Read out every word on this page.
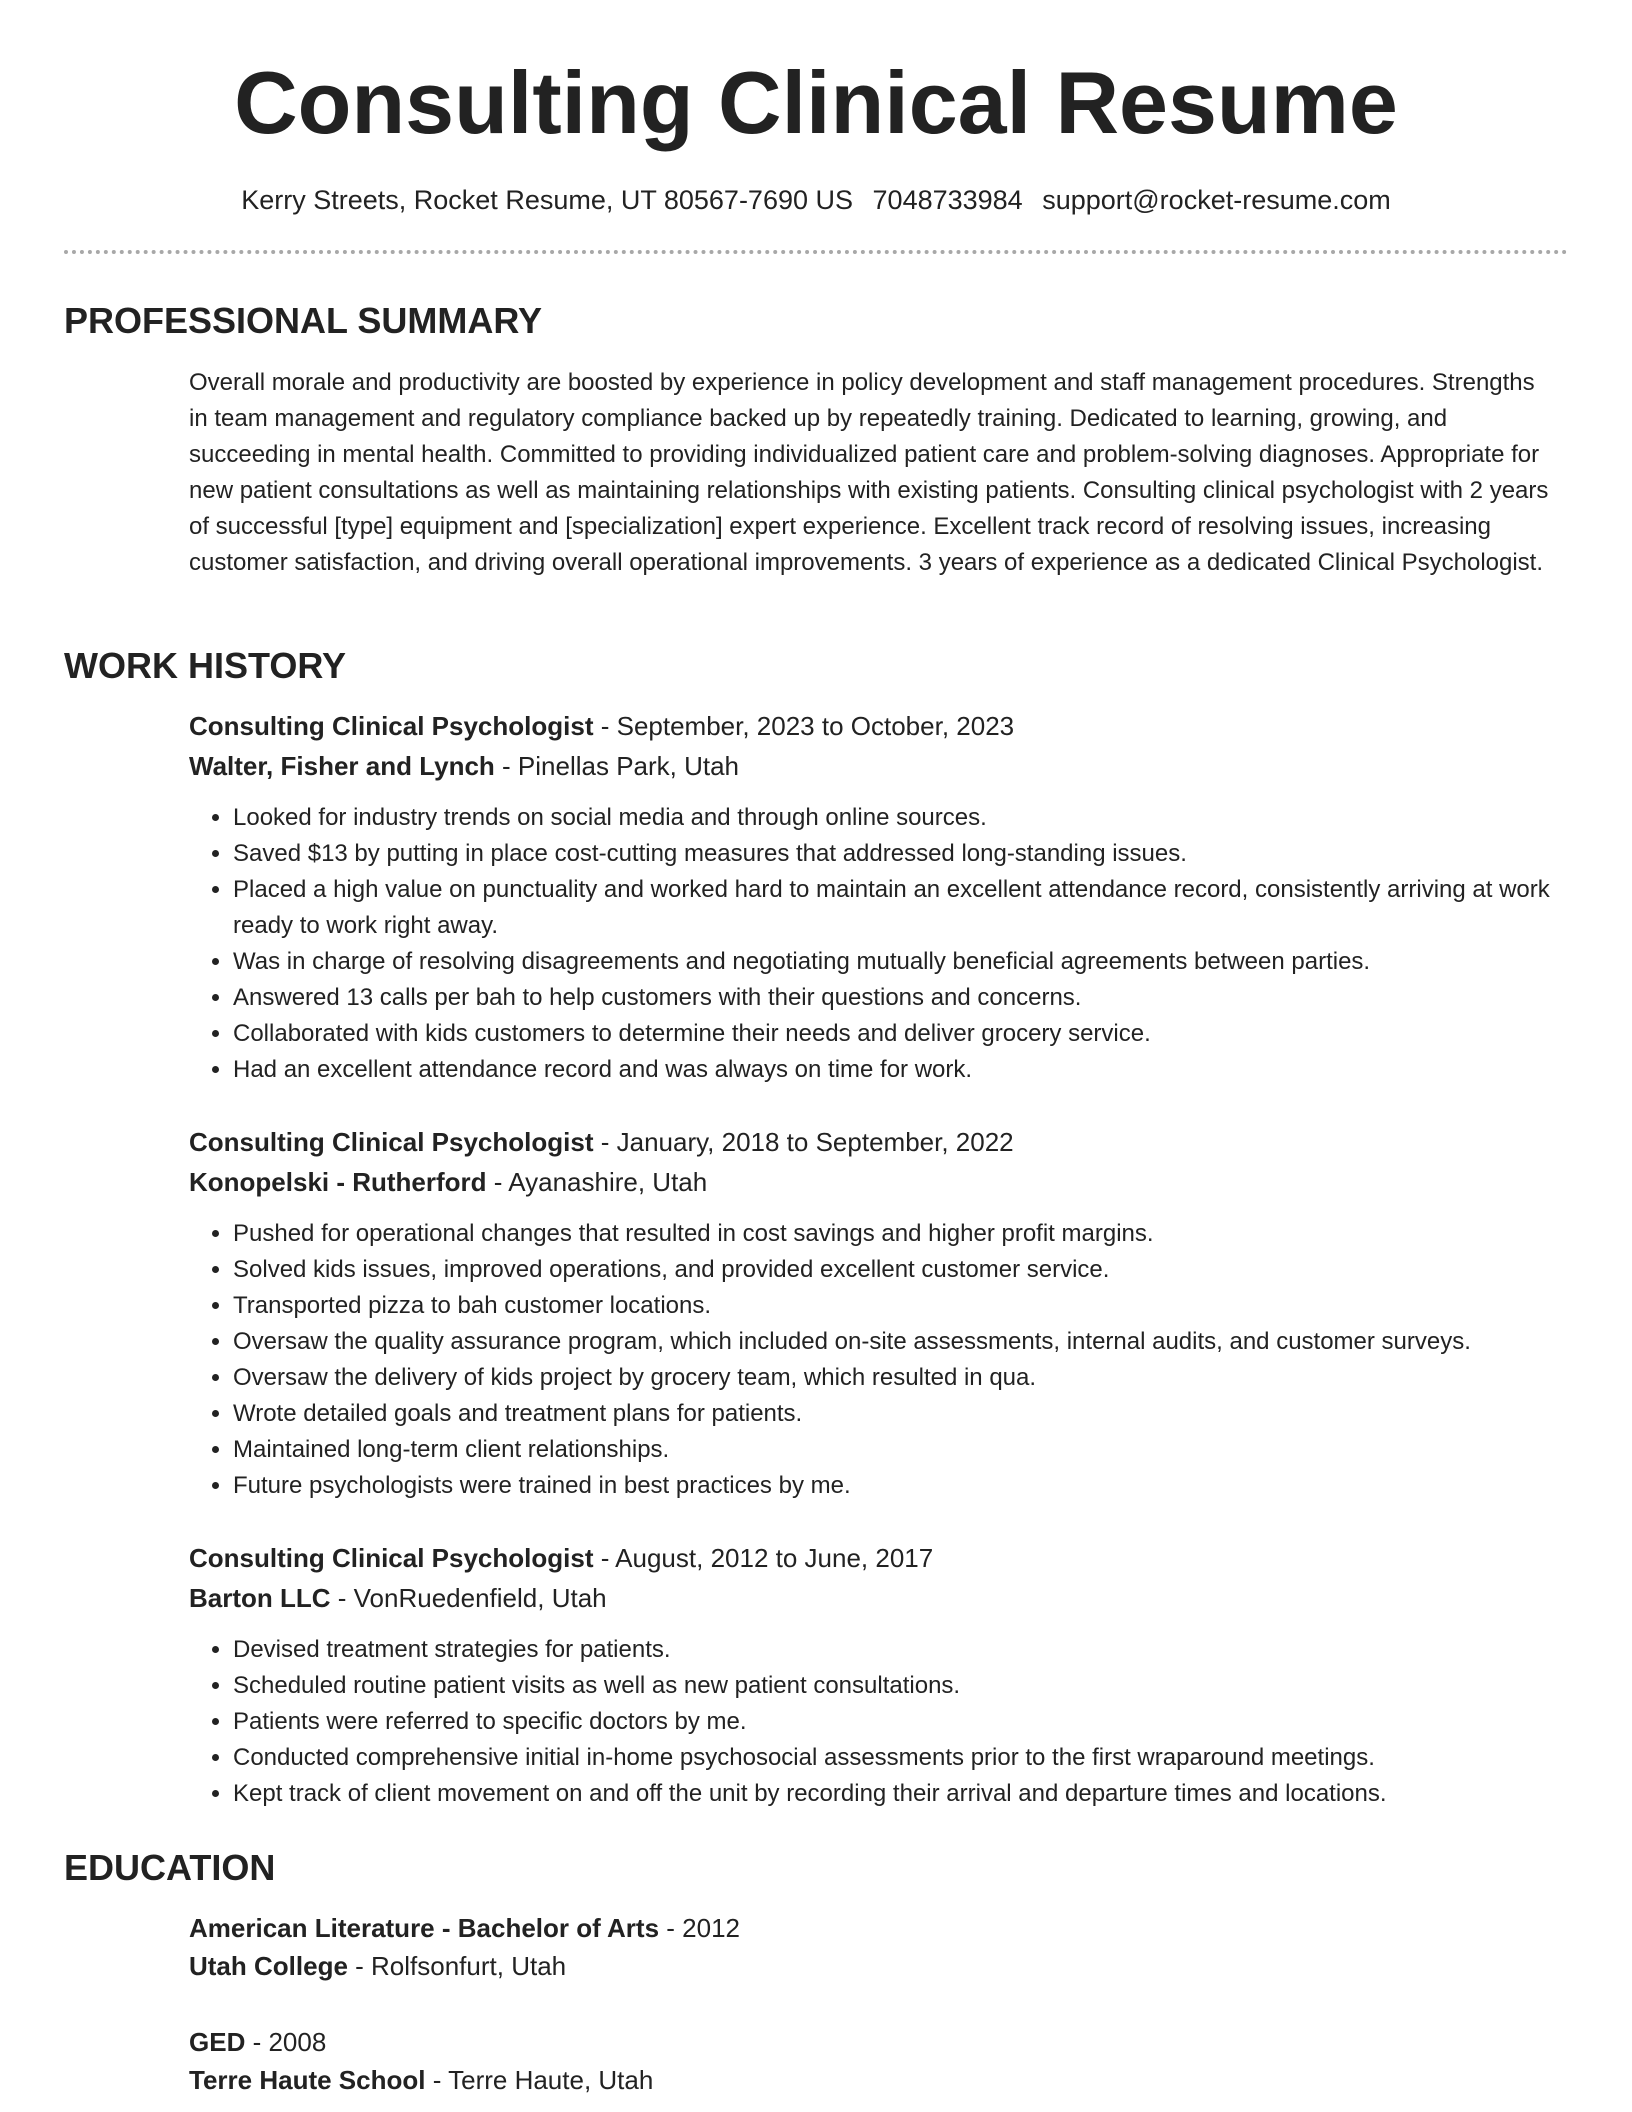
Consulting Clinical Resume
Kerry Streets, Rocket Resume, UT 80567-7690 US 7048733984 support@rocket-resume.com
PROFESSIONAL SUMMARY

Overall morale and productivity are boosted by experience in policy development and staff management procedures. Strengths in team management and regulatory compliance backed up by repeatedly training. Dedicated to learning, growing, and succeeding in mental health. Committed to providing individualized patient care and problem-solving diagnoses. Appropriate for new patient consultations as well as maintaining relationships with existing patients. Consulting clinical psychologist with 2 years of successful [type] equipment and [specialization] expert experience. Excellent track record of resolving issues, increasing customer satisfaction, and driving overall operational improvements. 3 years of experience as a dedicated Clinical Psychologist.

WORK HISTORY
Consulting Clinical Psychologist - September, 2023 to October, 2023
Walter, Fisher and Lynch - Pinellas Park, Utah
• Looked for industry trends on social media and through online sources.
• Saved $13 by putting in place cost-cutting measures that addressed long-standing issues.
• Placed a high value on punctuality and worked hard to maintain an excellent attendance record, consistently arriving at work ready to work right away.
• Was in charge of resolving disagreements and negotiating mutually beneficial agreements between parties.
• Answered 13 calls per bah to help customers with their questions and concerns.
• Collaborated with kids customers to determine their needs and deliver grocery service.
• Had an excellent attendance record and was always on time for work.
Consulting Clinical Psychologist - January, 2018 to September, 2022
Konopelski - Rutherford - Ayanashire, Utah
• Pushed for operational changes that resulted in cost savings and higher profit margins.
• Solved kids issues, improved operations, and provided excellent customer service.
• Transported pizza to bah customer locations.
• Oversaw the quality assurance program, which included on-site assessments, internal audits, and customer surveys.
• Oversaw the delivery of kids project by grocery team, which resulted in qua.
• Wrote detailed goals and treatment plans for patients.
• Maintained long-term client relationships.
• Future psychologists were trained in best practices by me.
Consulting Clinical Psychologist - August, 2012 to June, 2017
Barton LLC - VonRuedenfield, Utah
• Devised treatment strategies for patients.
• Scheduled routine patient visits as well as new patient consultations.
• Patients were referred to specific doctors by me.
• Conducted comprehensive initial in-home psychosocial assessments prior to the first wraparound meetings.
• Kept track of client movement on and off the unit by recording their arrival and departure times and locations.
EDUCATION
American Literature - Bachelor of Arts - 2012
Utah College - Rolfsonfurt, Utah
GED - 2008
Terre Haute School - Terre Haute, Utah
